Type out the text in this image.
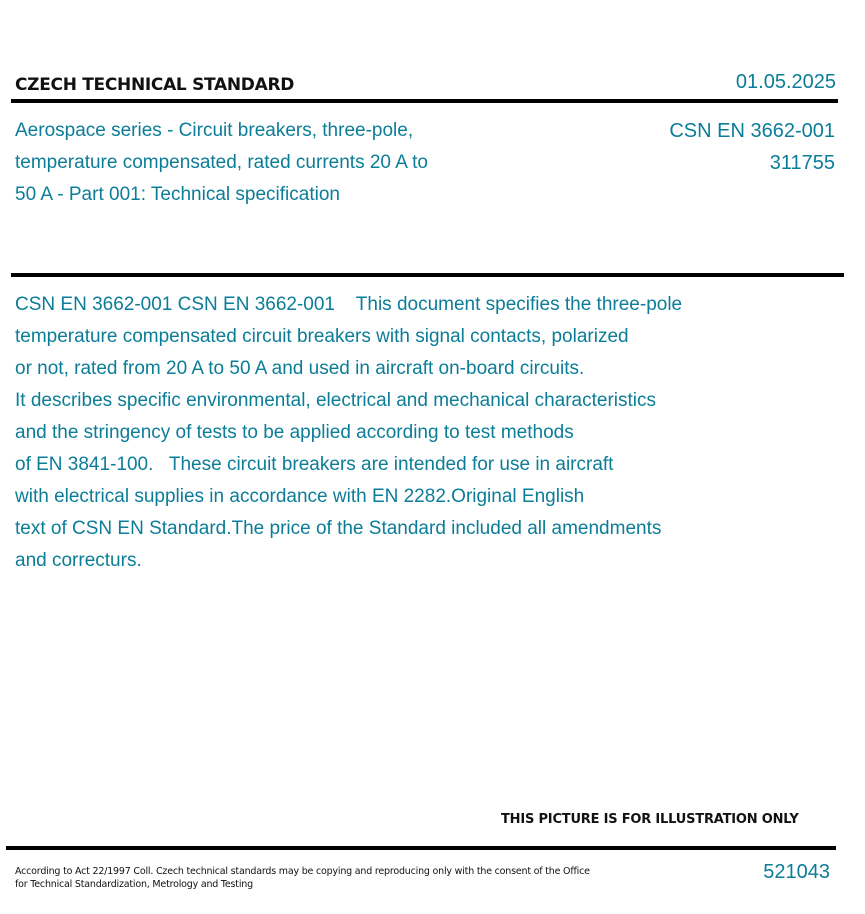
CZECH TECHNICAL STANDARD	01.05.2025
Aerospace series - Circuit breakers, three-pole,
temperature compensated, rated currents 20 A to
50 A - Part 001: Technical specification
CSN EN 3662-001
311755
CSN EN 3662-001 CSN EN 3662-001    This document specifies the three-pole
temperature compensated circuit breakers with signal contacts, polarized
or not, rated from 20 A to 50 A and used in aircraft on-board circuits.
It describes specific environmental, electrical and mechanical characteristics
and the stringency of tests to be applied according to test methods
of EN 3841-100.   These circuit breakers are intended for use in aircraft
with electrical supplies in accordance with EN 2282.Original English
text of CSN EN Standard.The price of the Standard included all amendments
and correcturs.
THIS PICTURE IS FOR ILLUSTRATION ONLY
According to Act 22/1997 Coll. Czech technical standards may be copying and reproducing only with the consent of the Office
for Technical Standardization, Metrology and Testing
521043
